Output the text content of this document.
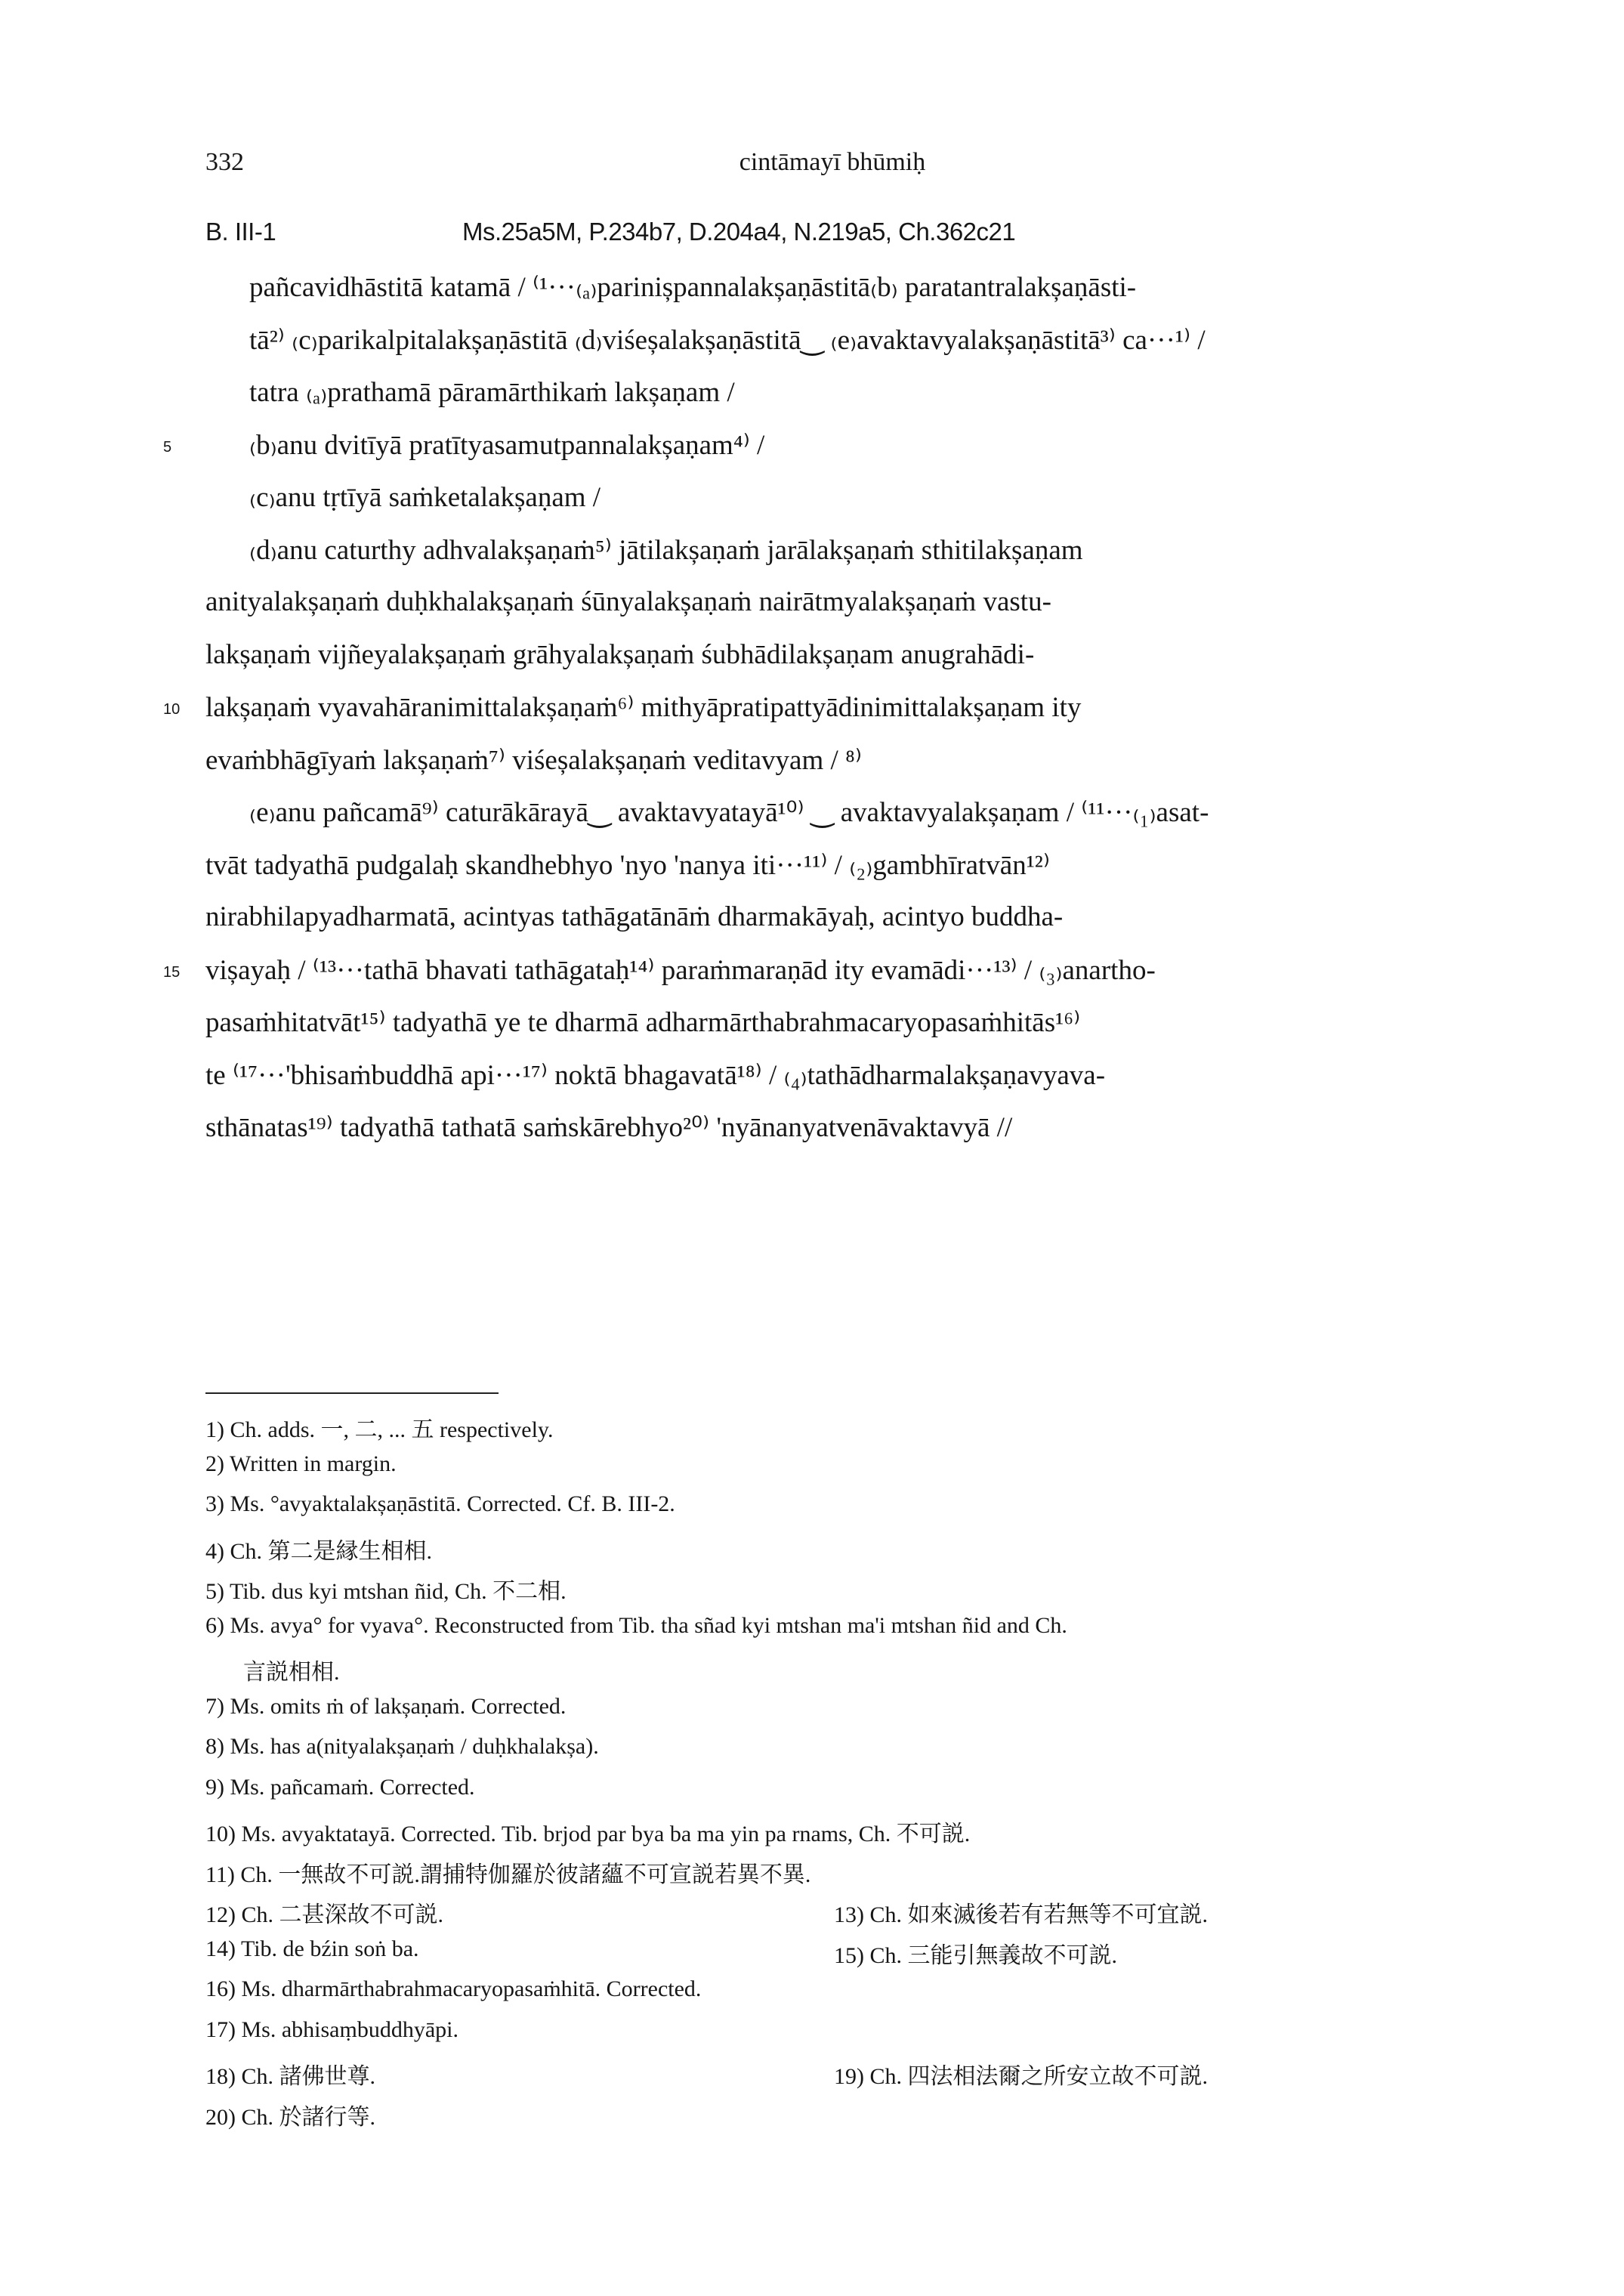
332	cintāmayī bhūmiḥ
B. III-1	Ms.25a5M, P.234b7, D.204a4, N.219a5, Ch.362c21
pañcavidhāstitā katamā / ⁽¹···₍ₐ₎parinișpannalakșaṇāstitā₍b₎ paratantralakșaṇāsti-
tā²⁾ ₍c₎parikalpitalakșaṇāstitā ₍d₎viśeșalakșaṇāstitā‿ ₍e₎avaktavyalakșaṇāstitā³⁾ ca···¹⁾ /
tatra ₍ₐ₎prathamā pāramārthikaṁ lakșaṇam /
₍b₎anu dvitīyā pratītyasamutpannalakșaṇam⁴⁾ /
5
₍c₎anu tṛtīyā saṁketalakșaṇam /
₍d₎anu caturthy adhvalakșaṇaṁ⁵⁾ jātilakșaṇaṁ jarālakșaṇaṁ sthitilakșaṇam
anityalakșaṇaṁ duḥkhalakșaṇaṁ śūnyalakșaṇaṁ nairātmyalakșaṇaṁ vastu-
lakșaṇaṁ vijñeyalakșaṇaṁ grāhyalakșaṇaṁ śubhādilakșaṇam anugrahādi-
lakșaṇaṁ vyavahāranimittalakșaṇaṁ⁶⁾ mithyāpratipattyādinimittalakșaṇam ity
10
evaṁbhāgīyaṁ lakșaṇaṁ⁷⁾ viśeșalakșaṇaṁ veditavyam / ⁸⁾
₍e₎anu pañcamā⁹⁾ caturākārayā‿ avaktavyatayā¹⁰⁾ ‿ avaktavyalakșaṇam / ⁽¹¹···₍₁₎asat-
tvāt tadyathā pudgalaḥ skandhebhyo 'nyo 'nanya iti···¹¹⁾ / ₍₂₎gambhīratvān¹²⁾
nirabhilapyadharmatā, acintyas tathāgatānāṁ dharmakāyaḥ, acintyo buddha-
vișayaḥ / ⁽¹³···tathā bhavati tathāgataḥ¹⁴⁾ paraṁmaraṇād ity evamādi···¹³⁾ / ₍₃₎anartho-
15
pasaṁhitatvāt¹⁵⁾ tadyathā ye te dharmā adharmārthabrahmacaryopasaṁhitās¹⁶⁾
te ⁽¹⁷···'bhisaṁbuddhā api···¹⁷⁾ noktā bhagavatā¹⁸⁾ / ₍₄₎tathādharmalakșaṇavyava-
sthānatas¹⁹⁾ tadyathā tathatā saṁskārebhyo²⁰⁾ 'nyānanyatvenāvaktavyā //
1) Ch. adds. 一, 二, ... 五 respectively.
2) Written in margin.
3) Ms. °avyaktalakșaṇāstitā. Corrected. Cf. B. III-2.
4) Ch. 第二是縁生相相.
5) Tib. dus kyi mtshan ñid, Ch. 不二相.
6) Ms. avya° for vyava°. Reconstructed from Tib. tha sñad kyi mtshan ma'i mtshan ñid and Ch.
言説相相.
7) Ms. omits ṁ of lakșaṇaṁ. Corrected.
8) Ms. has a(nityalakșaṇaṁ / duḥkhalakșa).
9) Ms. pañcamaṁ. Corrected.
10) Ms. avyaktatayā. Corrected. Tib. brjod par bya ba ma yin pa rnams, Ch. 不可説.
11) Ch. 一無故不可説.謂捕特伽羅於彼諸蘊不可宣説若異不異.
12) Ch. 二甚深故不可説.	13) Ch. 如來滅後若有若無等不可宜説.
14) Tib. de bźin soṅ ba.	15) Ch. 三能引無義故不可説.
16) Ms. dharmārthabrahmacaryopasaṁhitā. Corrected.
17) Ms. abhisaṃbuddhyāpi.
18) Ch. 諸佛世尊.	19) Ch. 四法相法爾之所安立故不可説.
20) Ch. 於諸行等.
